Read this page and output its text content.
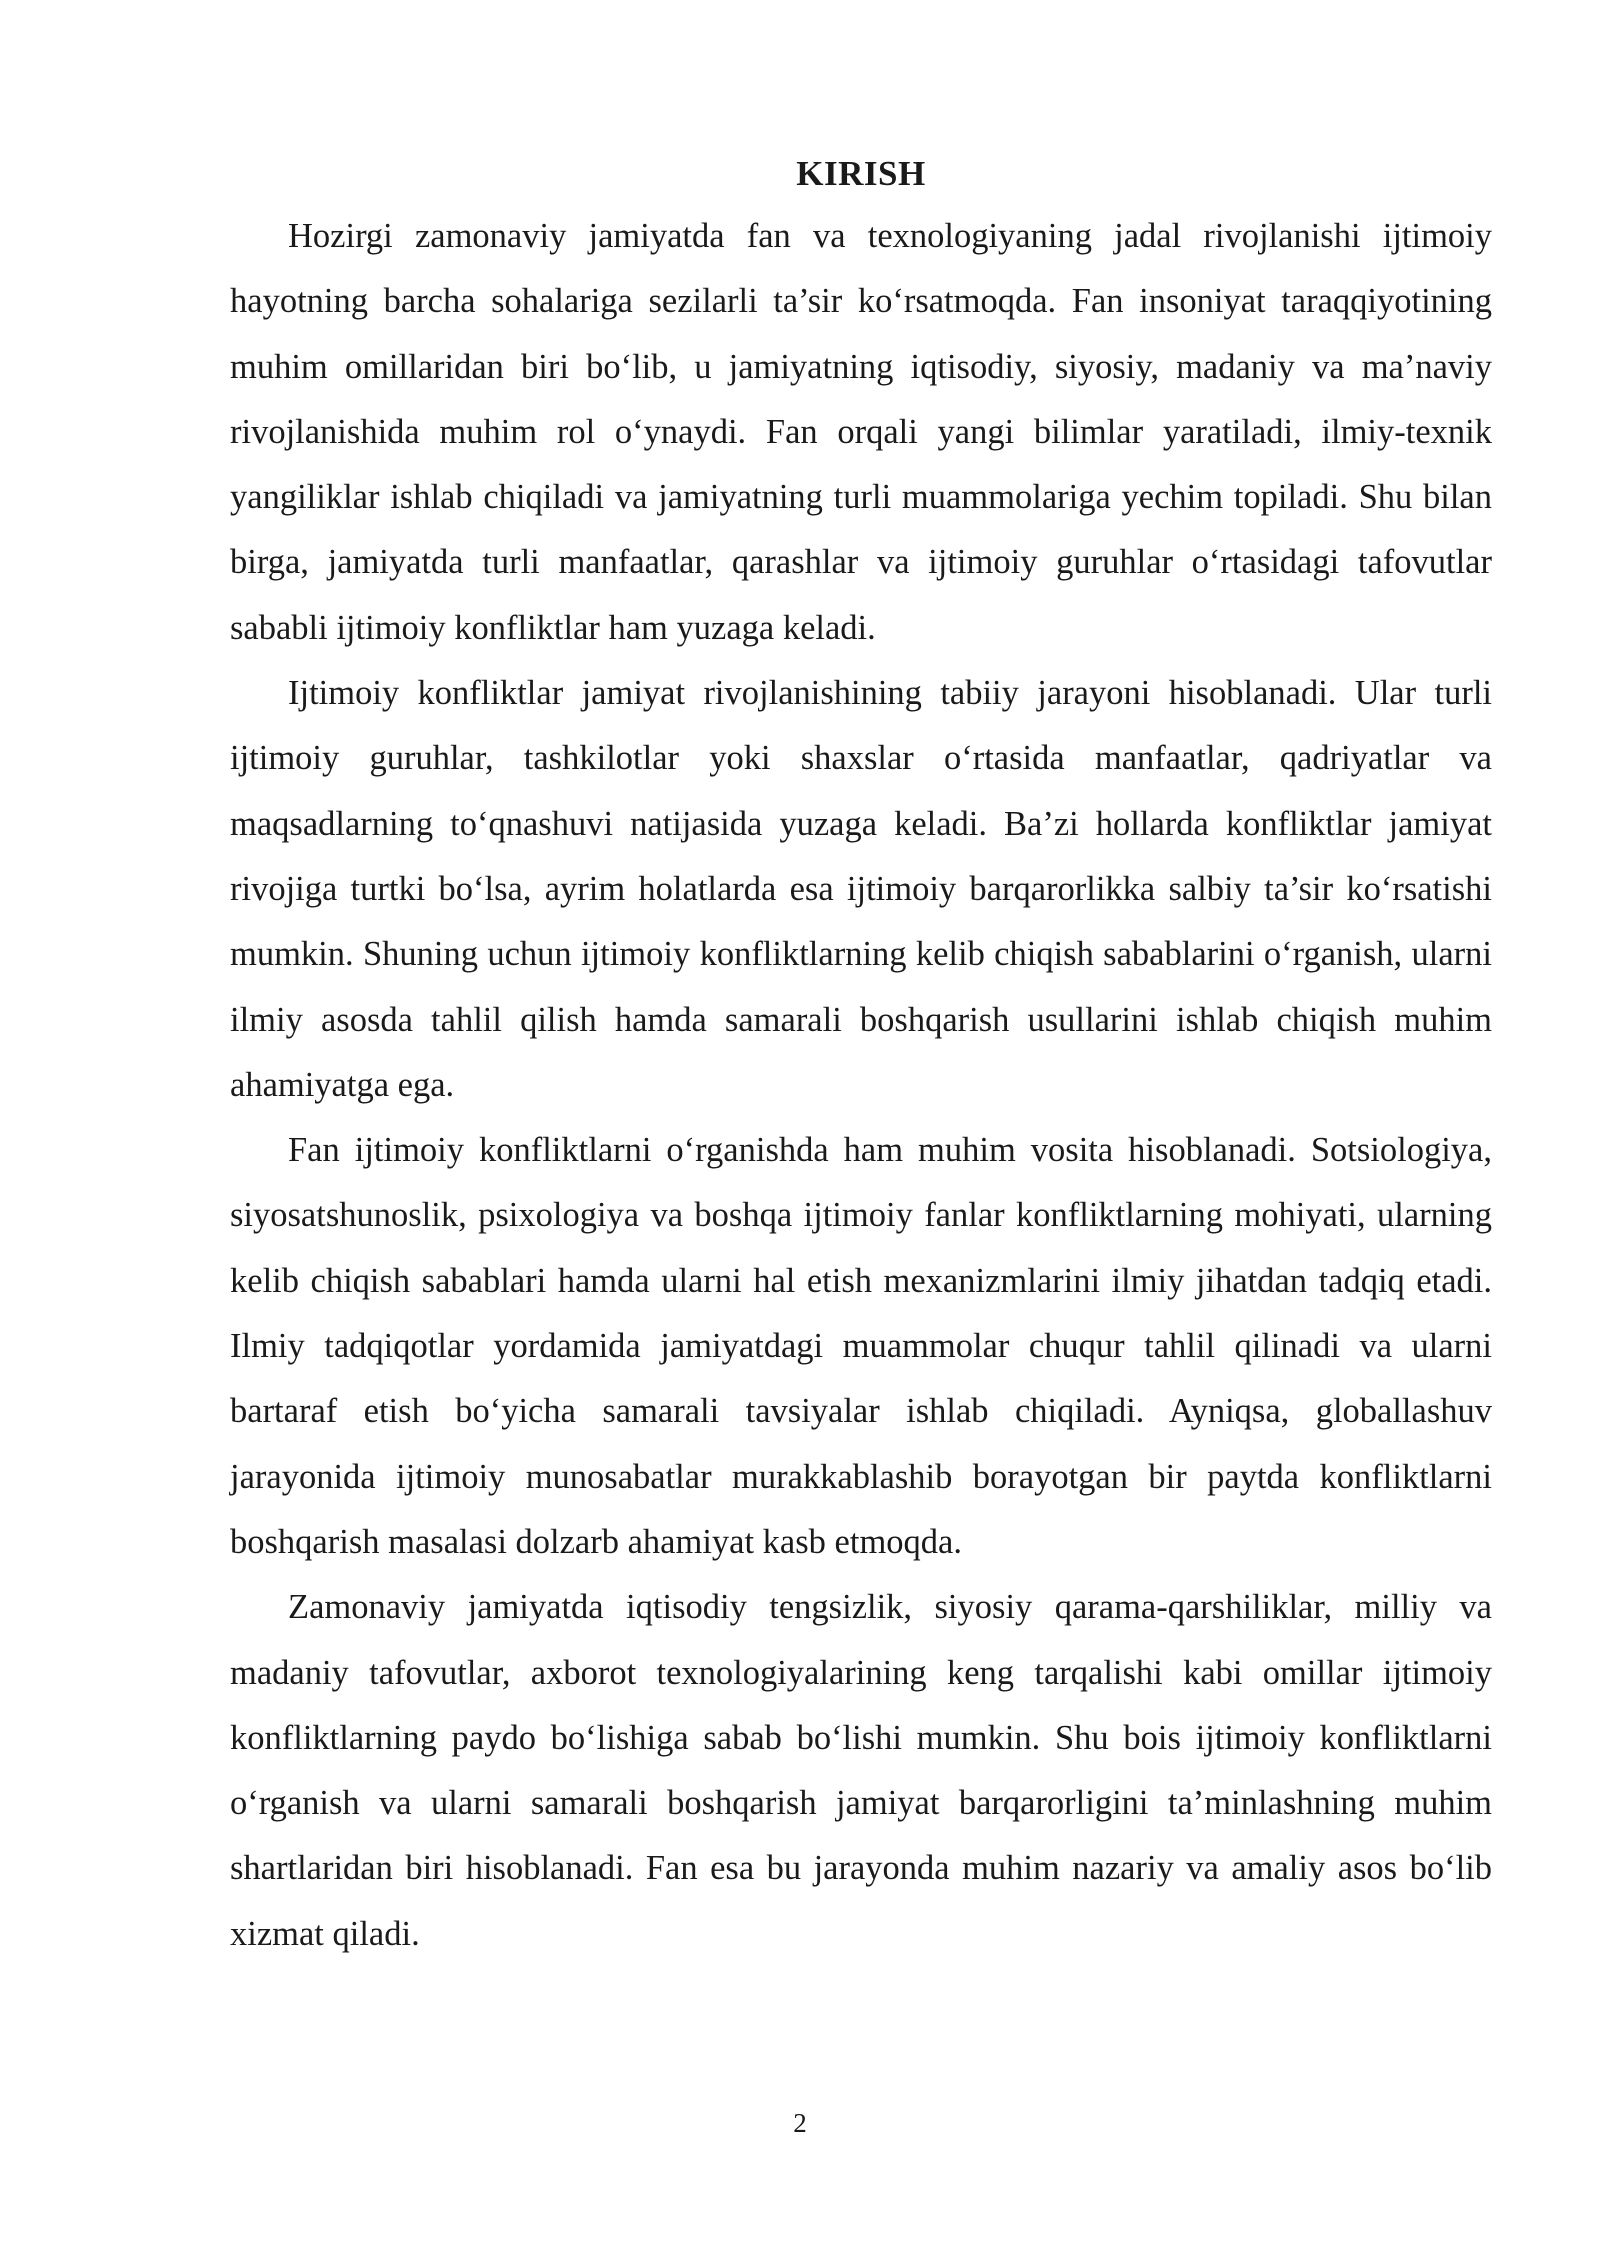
KIRISH

Hozirgi zamonaviy jamiyatda fan va texnologiyaning jadal rivojlanishi ijtimoiy hayotning barcha sohalariga sezilarli ta’sir ko‘rsatmoqda. Fan insoniyat taraqqiyotining muhim omillaridan biri bo‘lib, u jamiyatning iqtisodiy, siyosiy, madaniy va ma’naviy rivojlanishida muhim rol o‘ynaydi. Fan orqali yangi bilimlar yaratiladi, ilmiy-texnik yangiliklar ishlab chiqiladi va jamiyatning turli muammolariga yechim topiladi. Shu bilan birga, jamiyatda turli manfaatlar, qarashlar va ijtimoiy guruhlar o‘rtasidagi tafovutlar sababli ijtimoiy konfliktlar ham yuzaga keladi.

Ijtimoiy konfliktlar jamiyat rivojlanishining tabiiy jarayoni hisoblanadi. Ular turli ijtimoiy guruhlar, tashkilotlar yoki shaxslar o‘rtasida manfaatlar, qadriyatlar va maqsadlarning to‘qnashuvi natijasida yuzaga keladi. Ba’zi hollarda konfliktlar jamiyat rivojiga turtki bo‘lsa, ayrim holatlarda esa ijtimoiy barqarorlikka salbiy ta’sir ko‘rsatishi mumkin. Shuning uchun ijtimoiy konfliktlarning kelib chiqish sabablarini o‘rganish, ularni ilmiy asosda tahlil qilish hamda samarali boshqarish usullarini ishlab chiqish muhim ahamiyatga ega.

Fan ijtimoiy konfliktlarni o‘rganishda ham muhim vosita hisoblanadi. Sotsiologiya, siyosatshunoslik, psixologiya va boshqa ijtimoiy fanlar konfliktlarning mohiyati, ularning kelib chiqish sabablari hamda ularni hal etish mexanizmlarini ilmiy jihatdan tadqiq etadi. Ilmiy tadqiqotlar yordamida jamiyatdagi muammolar chuqur tahlil qilinadi va ularni bartaraf etish bo‘yicha samarali tavsiyalar ishlab chiqiladi. Ayniqsa, globallashuv jarayonida ijtimoiy munosabatlar murakkablashib borayotgan bir paytda konfliktlarni boshqarish masalasi dolzarb ahamiyat kasb etmoqda.

Zamonaviy jamiyatda iqtisodiy tengsizlik, siyosiy qarama-qarshiliklar, milliy va madaniy tafovutlar, axborot texnologiyalarining keng tarqalishi kabi omillar ijtimoiy konfliktlarning paydo bo‘lishiga sabab bo‘lishi mumkin. Shu bois ijtimoiy konfliktlarni o‘rganish va ularni samarali boshqarish jamiyat barqarorligini ta’minlashning muhim shartlaridan biri hisoblanadi. Fan esa bu jarayonda muhim nazariy va amaliy asos bo‘lib xizmat qiladi.

2
